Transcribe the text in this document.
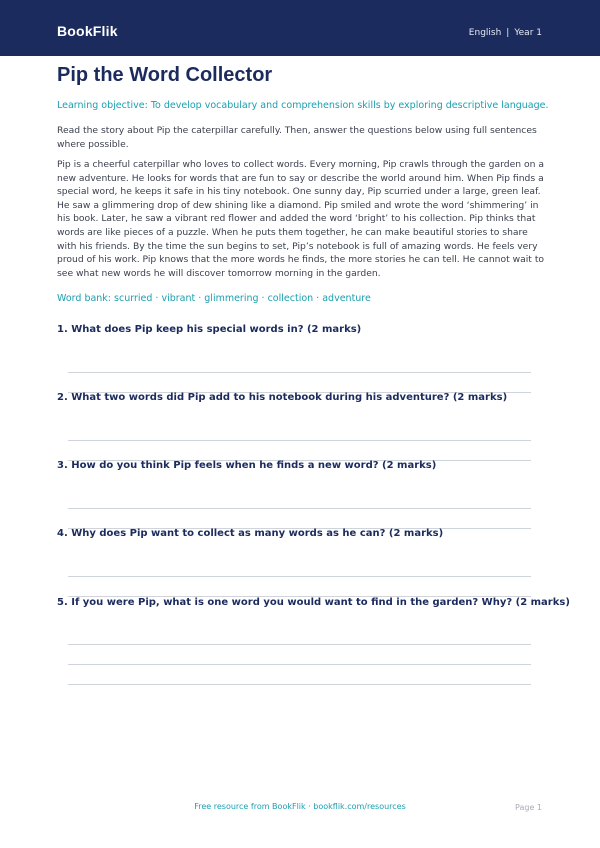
BookFlik	English | Year 1
Pip the Word Collector
Learning objective: To develop vocabulary and comprehension skills by exploring descriptive language.

Read the story about Pip the caterpillar carefully. Then, answer the questions below using full sentences where possible.

Pip is a cheerful caterpillar who loves to collect words. Every morning, Pip crawls through the garden on a new adventure. He looks for words that are fun to say or describe the world around him. When Pip finds a special word, he keeps it safe in his tiny notebook. One sunny day, Pip scurried under a large, green leaf. He saw a glimmering drop of dew shining like a diamond. Pip smiled and wrote the word ‘shimmering’ in his book. Later, he saw a vibrant red flower and added the word ‘bright’ to his collection. Pip thinks that words are like pieces of a puzzle. When he puts them together, he can make beautiful stories to share with his friends. By the time the sun begins to set, Pip’s notebook is full of amazing words. He feels very proud of his work. Pip knows that the more words he finds, the more stories he can tell. He cannot wait to see what new words he will discover tomorrow morning in the garden.

Word bank: scurried · vibrant · glimmering · collection · adventure

1. What does Pip keep his special words in? (2 marks)

2. What two words did Pip add to his notebook during his adventure? (2 marks)

3. How do you think Pip feels when he finds a new word? (2 marks)

4. Why does Pip want to collect as many words as he can? (2 marks)

5. If you were Pip, what is one word you would want to find in the garden? Why? (2 marks)

Free resource from BookFlik · bookflik.com/resources	Page 1
